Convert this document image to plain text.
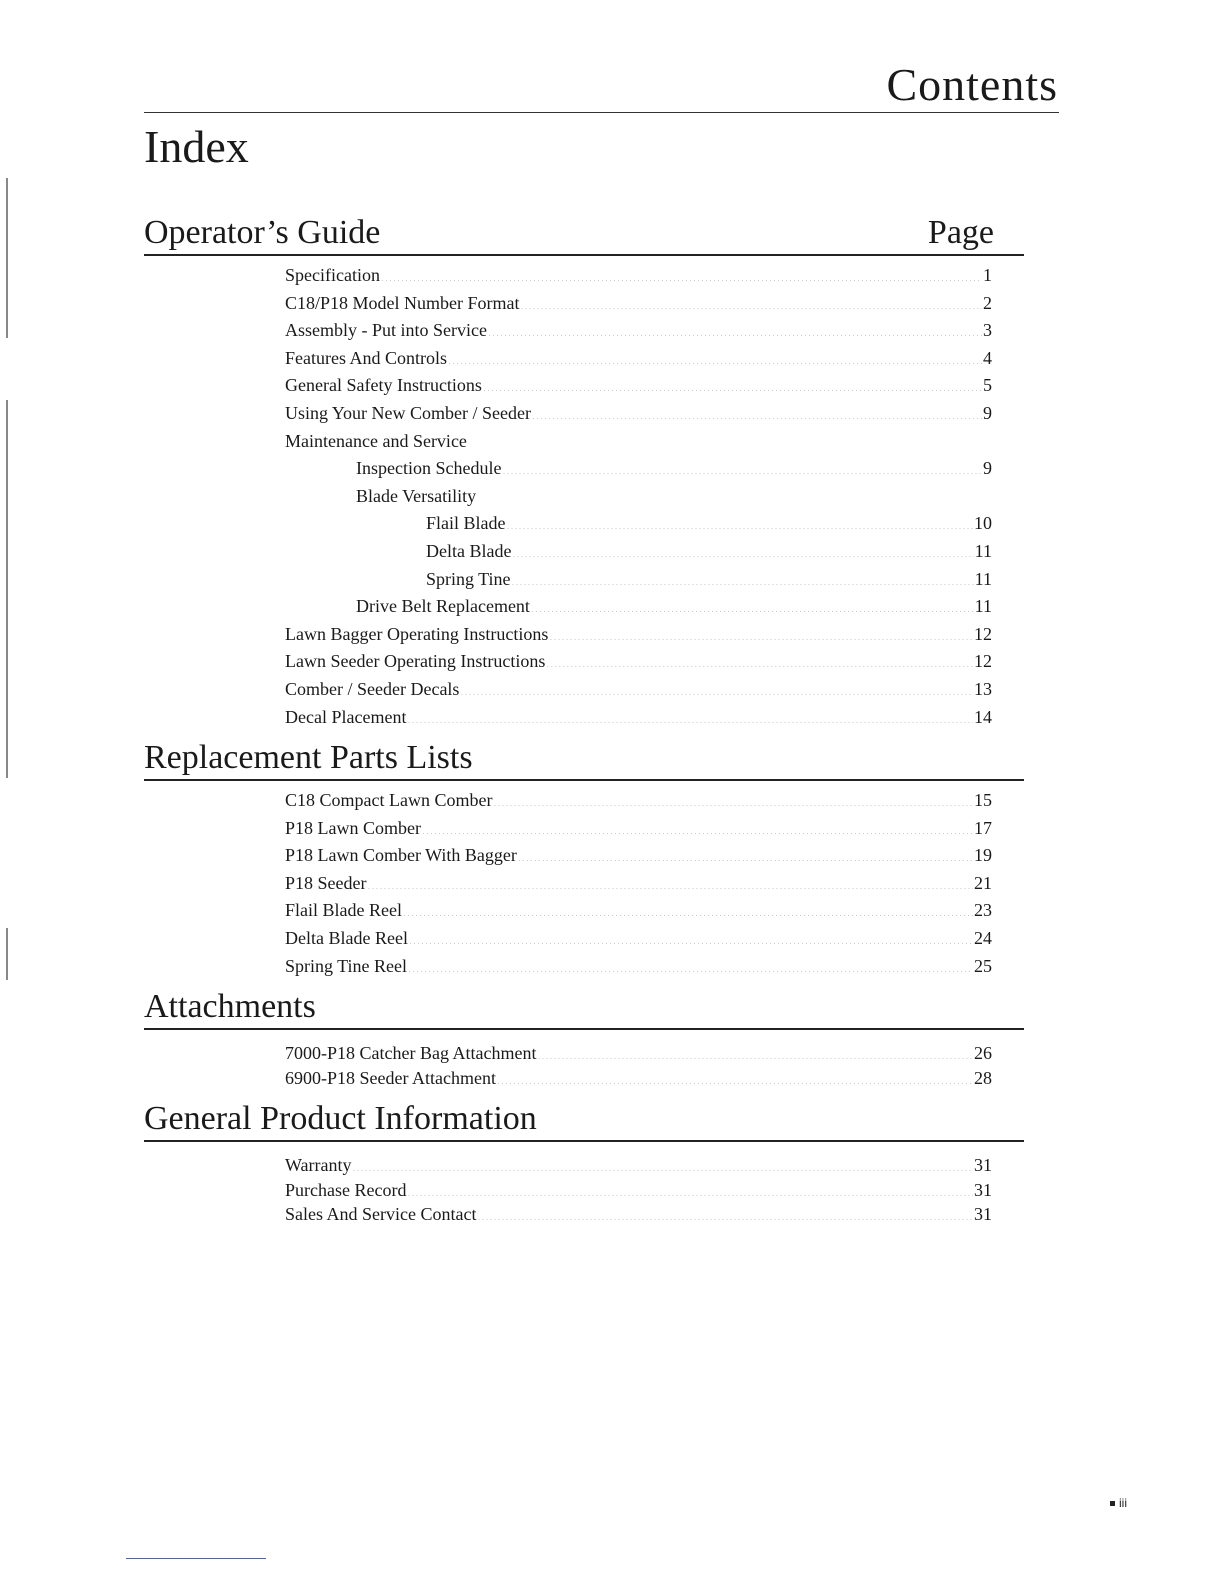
Contents
Index
Operator’s Guide	Page
Specification .....	1
C18/P18 Model Number Format .....	2
Assembly - Put into Service .....	3
Features And Controls .....	4
General Safety Instructions .....	5
Using Your New Comber / Seeder .....	9
Maintenance and Service
Inspection Schedule .....	9
Blade Versatility
Flail Blade .....	10
Delta Blade .....	11
Spring Tine .....	11
Drive Belt Replacement .....	11
Lawn Bagger Operating Instructions .....	12
Lawn Seeder Operating Instructions .....	12
Comber / Seeder Decals .....	13
Decal Placement .....	14
Replacement Parts Lists
C18 Compact Lawn Comber .....	15
P18 Lawn Comber .....	17
P18 Lawn Comber With Bagger .....	19
P18 Seeder .....	21
Flail Blade Reel .....	23
Delta Blade Reel .....	24
Spring Tine Reel .....	25
Attachments
7000-P18 Catcher Bag Attachment .....	26
6900-P18 Seeder Attachment .....	28
General Product Information
Warranty .....	31
Purchase Record .....	31
Sales And Service Contact .....	31
iii
